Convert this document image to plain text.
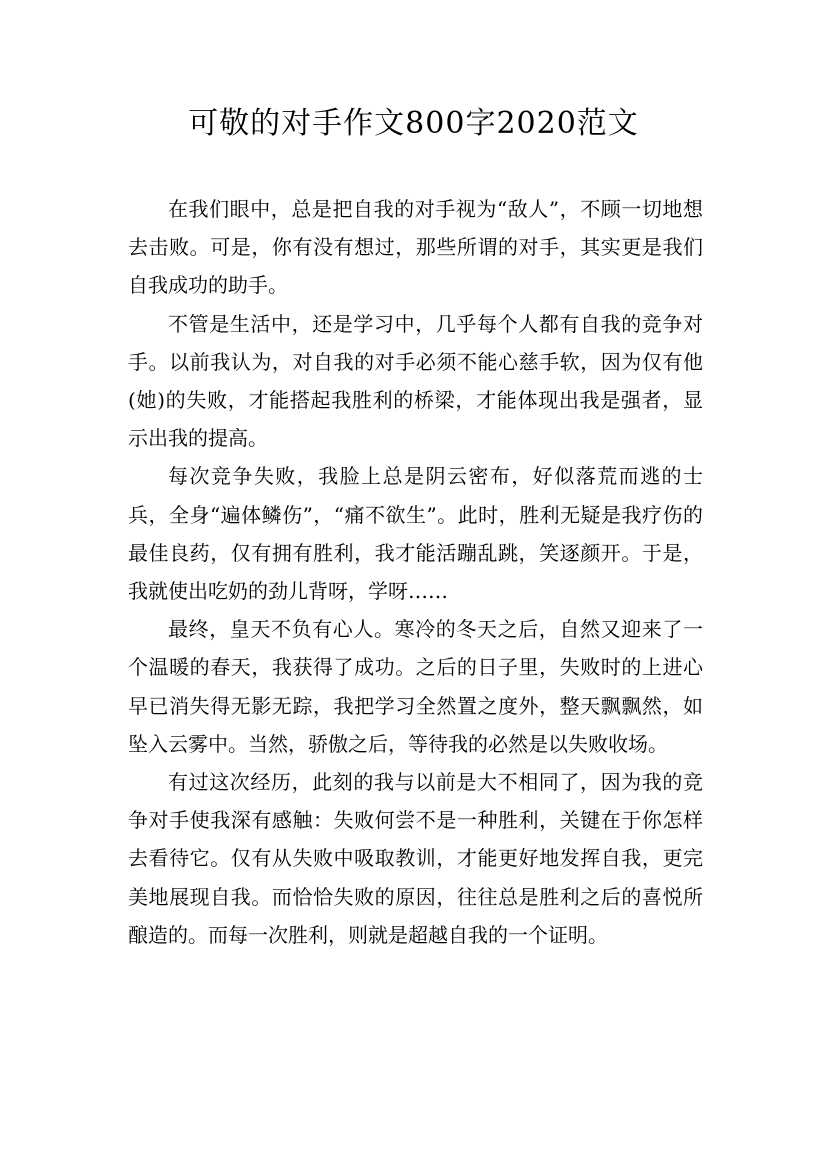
可敬的对手作文800字2020范文

在我们眼中，总是把自我的对手视为“敌人”，不顾一切地想去击败。可是，你有没有想过，那些所谓的对手，其实更是我们自我成功的助手。

不管是生活中，还是学习中，几乎每个人都有自我的竞争对手。以前我认为，对自我的对手必须不能心慈手软，因为仅有他(她)的失败，才能搭起我胜利的桥梁，才能体现出我是强者，显示出我的提高。

每次竞争失败，我脸上总是阴云密布，好似落荒而逃的士兵，全身“遍体鳞伤”，“痛不欲生”。此时，胜利无疑是我疗伤的最佳良药，仅有拥有胜利，我才能活蹦乱跳，笑逐颜开。于是，我就使出吃奶的劲儿背呀，学呀……

最终，皇天不负有心人。寒冷的冬天之后，自然又迎来了一个温暖的春天，我获得了成功。之后的日子里，失败时的上进心早已消失得无影无踪，我把学习全然置之度外，整天飘飘然，如坠入云雾中。当然，骄傲之后，等待我的必然是以失败收场。

有过这次经历，此刻的我与以前是大不相同了，因为我的竞争对手使我深有感触：失败何尝不是一种胜利，关键在于你怎样去看待它。仅有从失败中吸取教训，才能更好地发挥自我，更完美地展现自我。而恰恰失败的原因，往往总是胜利之后的喜悦所酿造的。而每一次胜利，则就是超越自我的一个证明。
